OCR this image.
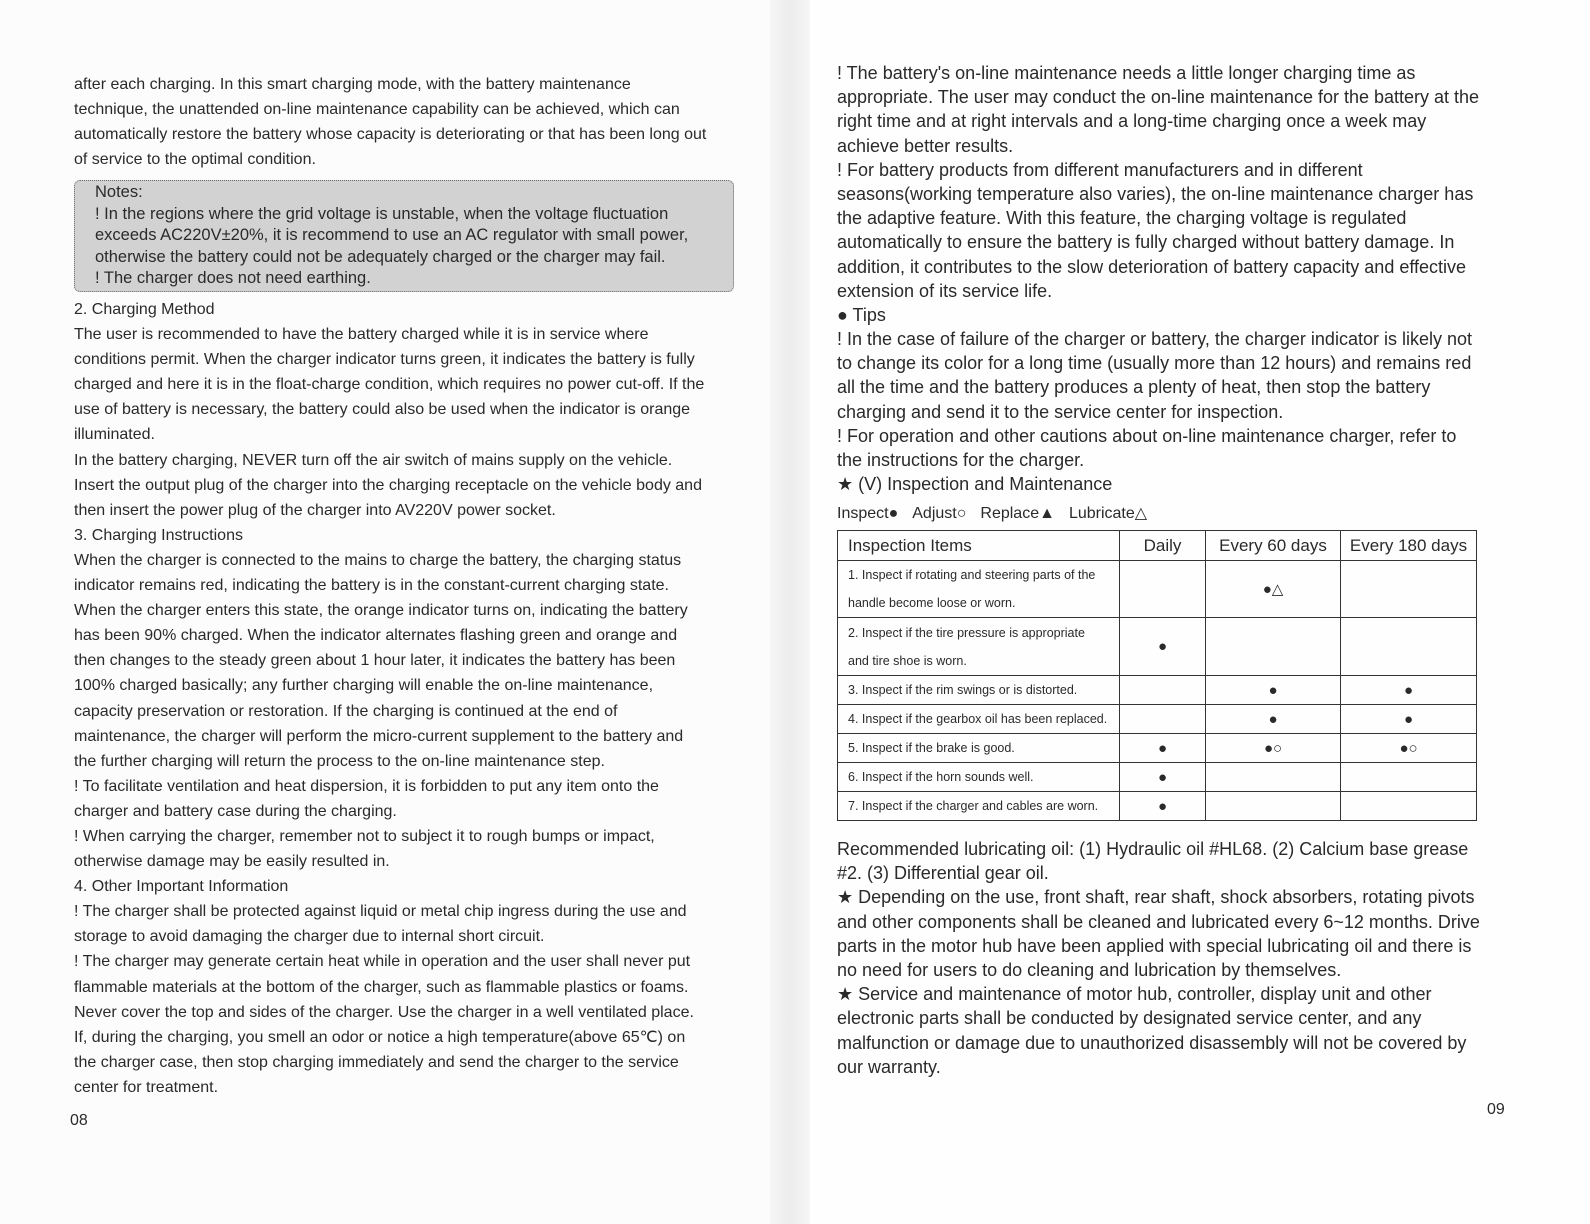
after each charging. In this smart charging mode, with the battery maintenance
technique, the unattended on-line maintenance capability can be achieved, which can
automatically restore the battery whose capacity is deteriorating or that has been long out
of service to the optimal condition.
Notes:
! In the regions where the grid voltage is unstable, when the voltage fluctuation
exceeds AC220V±20%, it is recommend to use an AC regulator with small power,
otherwise the battery could not be adequately charged or the charger may fail.
! The charger does not need earthing.
2. Charging Method
The user is recommended to have the battery charged while it is in service where
conditions permit. When the charger indicator turns green, it indicates the battery is fully
charged and here it is in the float-charge condition, which requires no power cut-off. If the
use of battery is necessary, the battery could also be used when the indicator is orange
illuminated.
In the battery charging, NEVER turn off the air switch of mains supply on the vehicle.
Insert the output plug of the charger into the charging receptacle on the vehicle body and
then insert the power plug of the charger into AV220V power socket.
3. Charging Instructions
When the charger is connected to the mains to charge the battery, the charging status
indicator remains red, indicating the battery is in the constant-current charging state.
When the charger enters this state, the orange indicator turns on, indicating the battery
has been 90% charged. When the indicator alternates flashing green and orange and
then changes to the steady green about 1 hour later, it indicates the battery has been
100% charged basically; any further charging will enable the on-line maintenance,
capacity preservation or restoration. If the charging is continued at the end of
maintenance, the charger will perform the micro-current supplement to the battery and
the further charging will return the process to the on-line maintenance step.
! To facilitate ventilation and heat dispersion, it is forbidden to put any item onto the
charger and battery case during the charging.
! When carrying the charger, remember not to subject it to rough bumps or impact,
otherwise damage may be easily resulted in.
4. Other Important Information
! The charger shall be protected against liquid or metal chip ingress during the use and
storage to avoid damaging the charger due to internal short circuit.
! The charger may generate certain heat while in operation and the user shall never put
flammable materials at the bottom of the charger, such as flammable plastics or foams.
Never cover the top and sides of the charger. Use the charger in a well ventilated place.
If, during the charging, you smell an odor or notice a high temperature(above 65℃) on
the charger case, then stop charging immediately and send the charger to the service
center for treatment.
08
! The battery's on-line maintenance needs a little longer charging time as
appropriate. The user may conduct the on-line maintenance for the battery at the
right time and at right intervals and a long-time charging once a week may
achieve better results.
! For battery products from different manufacturers and in different
seasons(working temperature also varies), the on-line maintenance charger has
the adaptive feature. With this feature, the charging voltage is regulated
automatically to ensure the battery is fully charged without battery damage. In
addition, it contributes to the slow deterioration of battery capacity and effective
extension of its service life.
● Tips
! In the case of failure of the charger or battery, the charger indicator is likely not
to change its color for a long time (usually more than 12 hours) and remains red
all the time and the battery produces a plenty of heat, then stop the battery
charging and send it to the service center for inspection.
! For operation and other cautions about on-line maintenance charger, refer to
the instructions for the charger.
★ (V) Inspection and Maintenance
Inspect● Adjust○ Replace▲ Lubricate△
Inspection Items	Daily	Every 60 days	Every 180 days

1. Inspect if rotating and steering parts of the
handle become loose or worn.		●△	

2. Inspect if the tire pressure is appropriate
and tire shoe is worn.	●		

3. Inspect if the rim swings or is distorted.		●	●

4. Inspect if the gearbox oil has been replaced.		●	●

5. Inspect if the brake is good.	●	●○	●○

6. Inspect if the horn sounds well.	●		

7. Inspect if the charger and cables are worn.	●		
Recommended lubricating oil: (1) Hydraulic oil #HL68. (2) Calcium base grease
#2. (3) Differential gear oil.
★ Depending on the use, front shaft, rear shaft, shock absorbers, rotating pivots
and other components shall be cleaned and lubricated every 6~12 months. Drive
parts in the motor hub have been applied with special lubricating oil and there is
no need for users to do cleaning and lubrication by themselves.
★ Service and maintenance of motor hub, controller, display unit and other
electronic parts shall be conducted by designated service center, and any
malfunction or damage due to unauthorized disassembly will not be covered by
our warranty.
09
